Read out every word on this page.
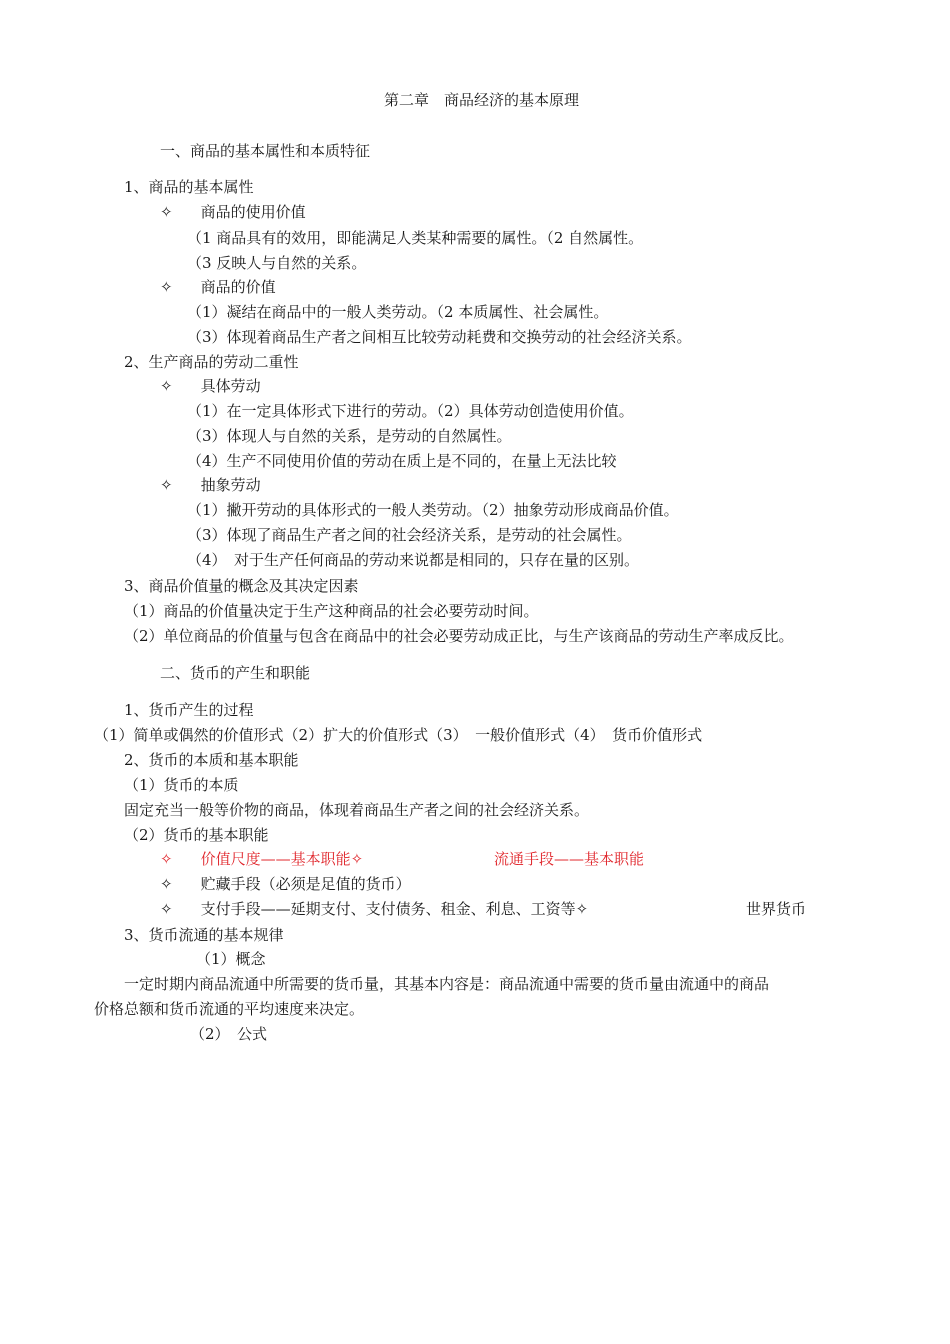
第二章　商品经济的基本原理
一、商品的基本属性和本质特征
1、商品的基本属性
✧ 商品的使用价值
（1 商品具有的效用，即能满足人类某种需要的属性。（2 自然属性。
（3 反映人与自然的关系。
✧ 商品的价值
（1）凝结在商品中的一般人类劳动。（2 本质属性、社会属性。
（3）体现着商品生产者之间相互比较劳动耗费和交换劳动的社会经济关系。
2、生产商品的劳动二重性
✧ 具体劳动
（1）在一定具体形式下进行的劳动。（2）具体劳动创造使用价值。
（3）体现人与自然的关系，是劳动的自然属性。
（4）生产不同使用价值的劳动在质上是不同的，在量上无法比较
✧ 抽象劳动
（1）撇开劳动的具体形式的一般人类劳动。（2）抽象劳动形成商品价值。
（3）体现了商品生产者之间的社会经济关系，是劳动的社会属性。
（4）　对于生产任何商品的劳动来说都是相同的，只存在量的区别。
3、商品价值量的概念及其决定因素
（1）商品的价值量决定于生产这种商品的社会必要劳动时间。
（2）单位商品的价值量与包含在商品中的社会必要劳动成正比，与生产该商品的劳动生产率成反比。
二、货币的产生和职能
1、货币产生的过程
（1）简单或偶然的价值形式（2）扩大的价值形式（3）　一般价值形式（4）　货币价值形式
2、货币的本质和基本职能
（1）货币的本质
固定充当一般等价物的商品，体现着商品生产者之间的社会经济关系。
（2）货币的基本职能
✧ 价值尺度——基本职能✧	流通手段——基本职能
✧ 贮藏手段（必须是足值的货币）
✧ 支付手段——延期支付、支付债务、租金、利息、工资等✧	世界货币
3、货币流通的基本规律
（1）概念
一定时期内商品流通中所需要的货币量，其基本内容是：商品流通中需要的货币量由流通中的商品
价格总额和货币流通的平均速度来决定。
（2）　公式
